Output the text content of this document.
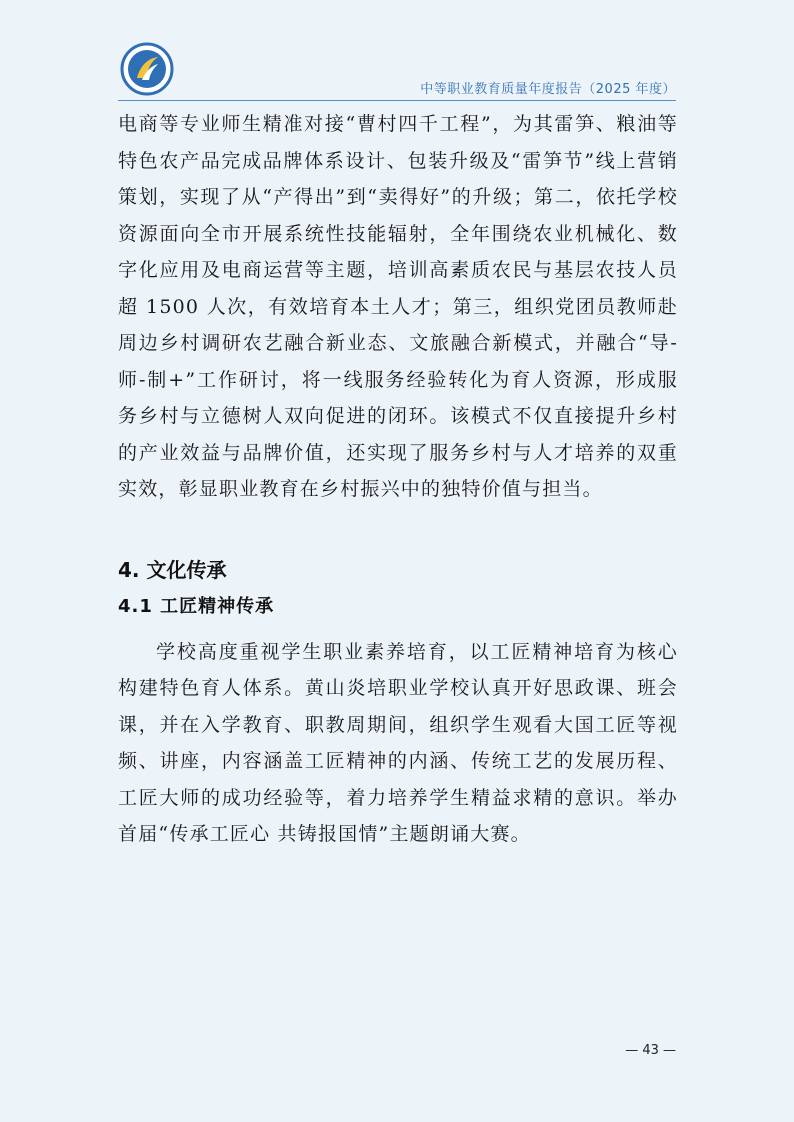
中等职业教育质量年度报告（2025 年度）

电商等专业师生精准对接“曹村四千工程”，为其雷笋、粮油等特色农产品完成品牌体系设计、包装升级及“雷笋节”线上营销策划，实现了从“产得出”到“卖得好”的升级；第二，依托学校资源面向全市开展系统性技能辐射，全年围绕农业机械化、数字化应用及电商运营等主题，培训高素质农民与基层农技人员超 1500 人次，有效培育本土人才；第三，组织党团员教师赴周边乡村调研农艺融合新业态、文旅融合新模式，并融合“导-师-制+”工作研讨，将一线服务经验转化为育人资源，形成服务乡村与立德树人双向促进的闭环。该模式不仅直接提升乡村的产业效益与品牌价值，还实现了服务乡村与人才培养的双重实效，彰显职业教育在乡村振兴中的独特价值与担当。

4. 文化传承
4.1 工匠精神传承

学校高度重视学生职业素养培育，以工匠精神培育为核心构建特色育人体系。黄山炎培职业学校认真开好思政课、班会课，并在入学教育、职教周期间，组织学生观看大国工匠等视频、讲座，内容涵盖工匠精神的内涵、传统工艺的发展历程、工匠大师的成功经验等，着力培养学生精益求精的意识。举办首届“传承工匠心 共铸报国情”主题朗诵大赛。

— 43 —
